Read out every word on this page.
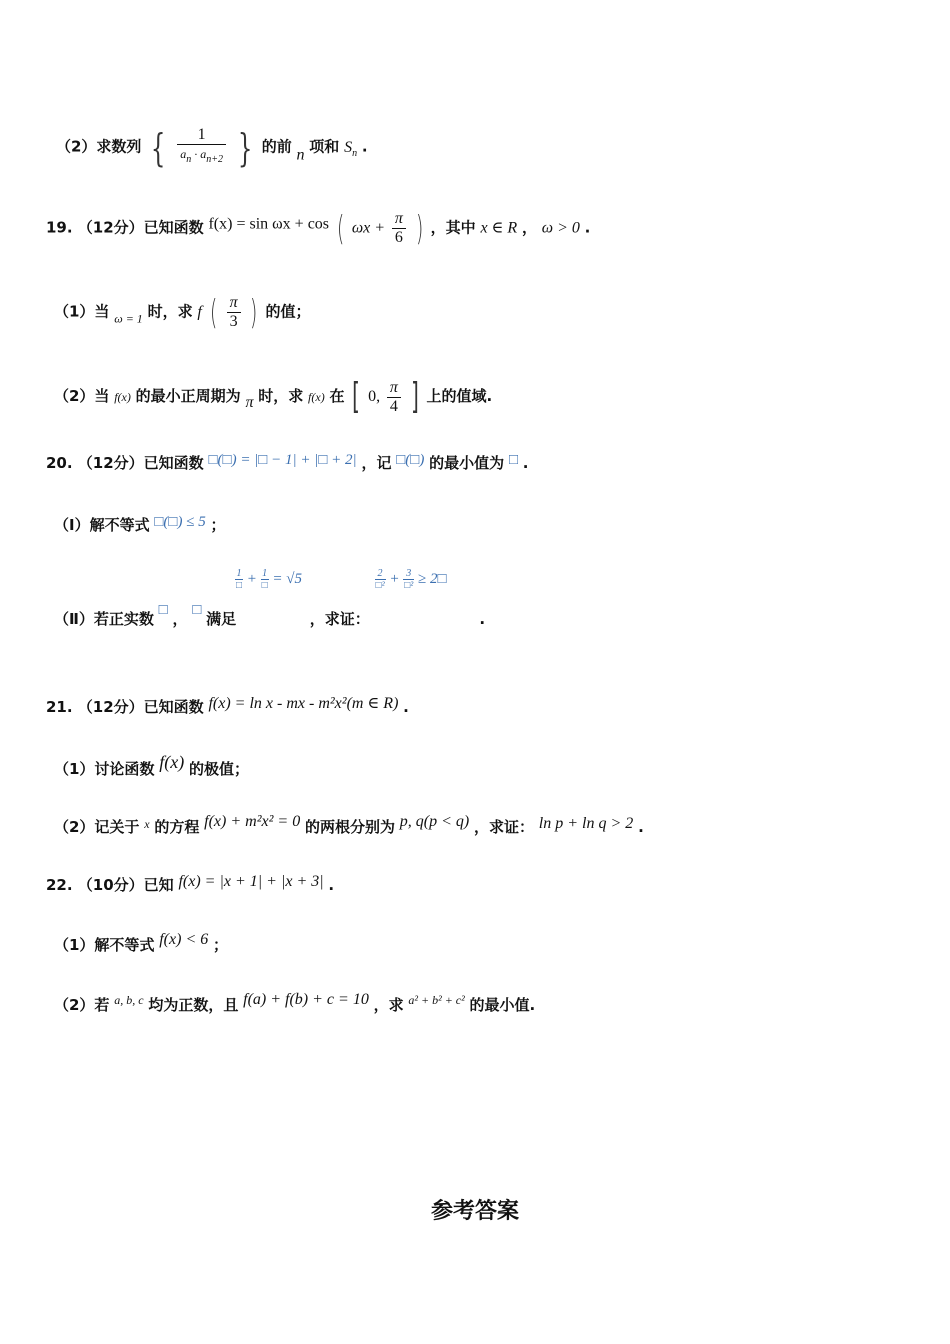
（2）求数列 { $\frac{1}{a_n \cdot a_{n+2}}$ } 的前 n 项和 $S_n$ .
19. （12分）已知函数 f(x) = sin ωx + cos ( $\omega x + \frac{\pi}{6}$ ) ，其中 x ∈ R ， ω > 0 .
（1）当 $_{\omega = 1}$ 时，求 f ( $\frac{\pi}{3}$ ) 的值；
（2）当 f(x) 的最小正周期为 π 时，求 f(x) 在 [ 0, $\frac{\pi}{4}$ ] 上的值域.
20. （12分）已知函数 □(□) = |□ − 1| + |□ + 2| ，记 □(□) 的最小值为 □ .
（Ⅰ）解不等式 □(□) ≤ 5 ；
（Ⅱ）若正实数 □ ， □ 满足
$\frac{1}{□} + \frac{1}{□} = √5$
，求证：
$\frac{2}{\text{□²}} + \frac{3}{\text{□²}}$ ≥ 2□
.
21. （12分）已知函数 f(x) = ln x - mx - m²x²(m ∈ R) .
（1）讨论函数 f(x) 的极值；
（2）记关于 $^x$ 的方程 f(x) + m²x² = 0 的两根分别为 p, q(p < q) ，求证： ln p + ln q > 2 .
22. （10分）已知 f(x) = |x + 1| + |x + 3| .
（1）解不等式 f(x) < 6 ；
（2）若 $^{a, b, c}$ 均为正数，且 f(a) + f(b) + c = 10 ，求 $^{a^2 + b^2 + c^2}$ 的最小值.
参考答案
